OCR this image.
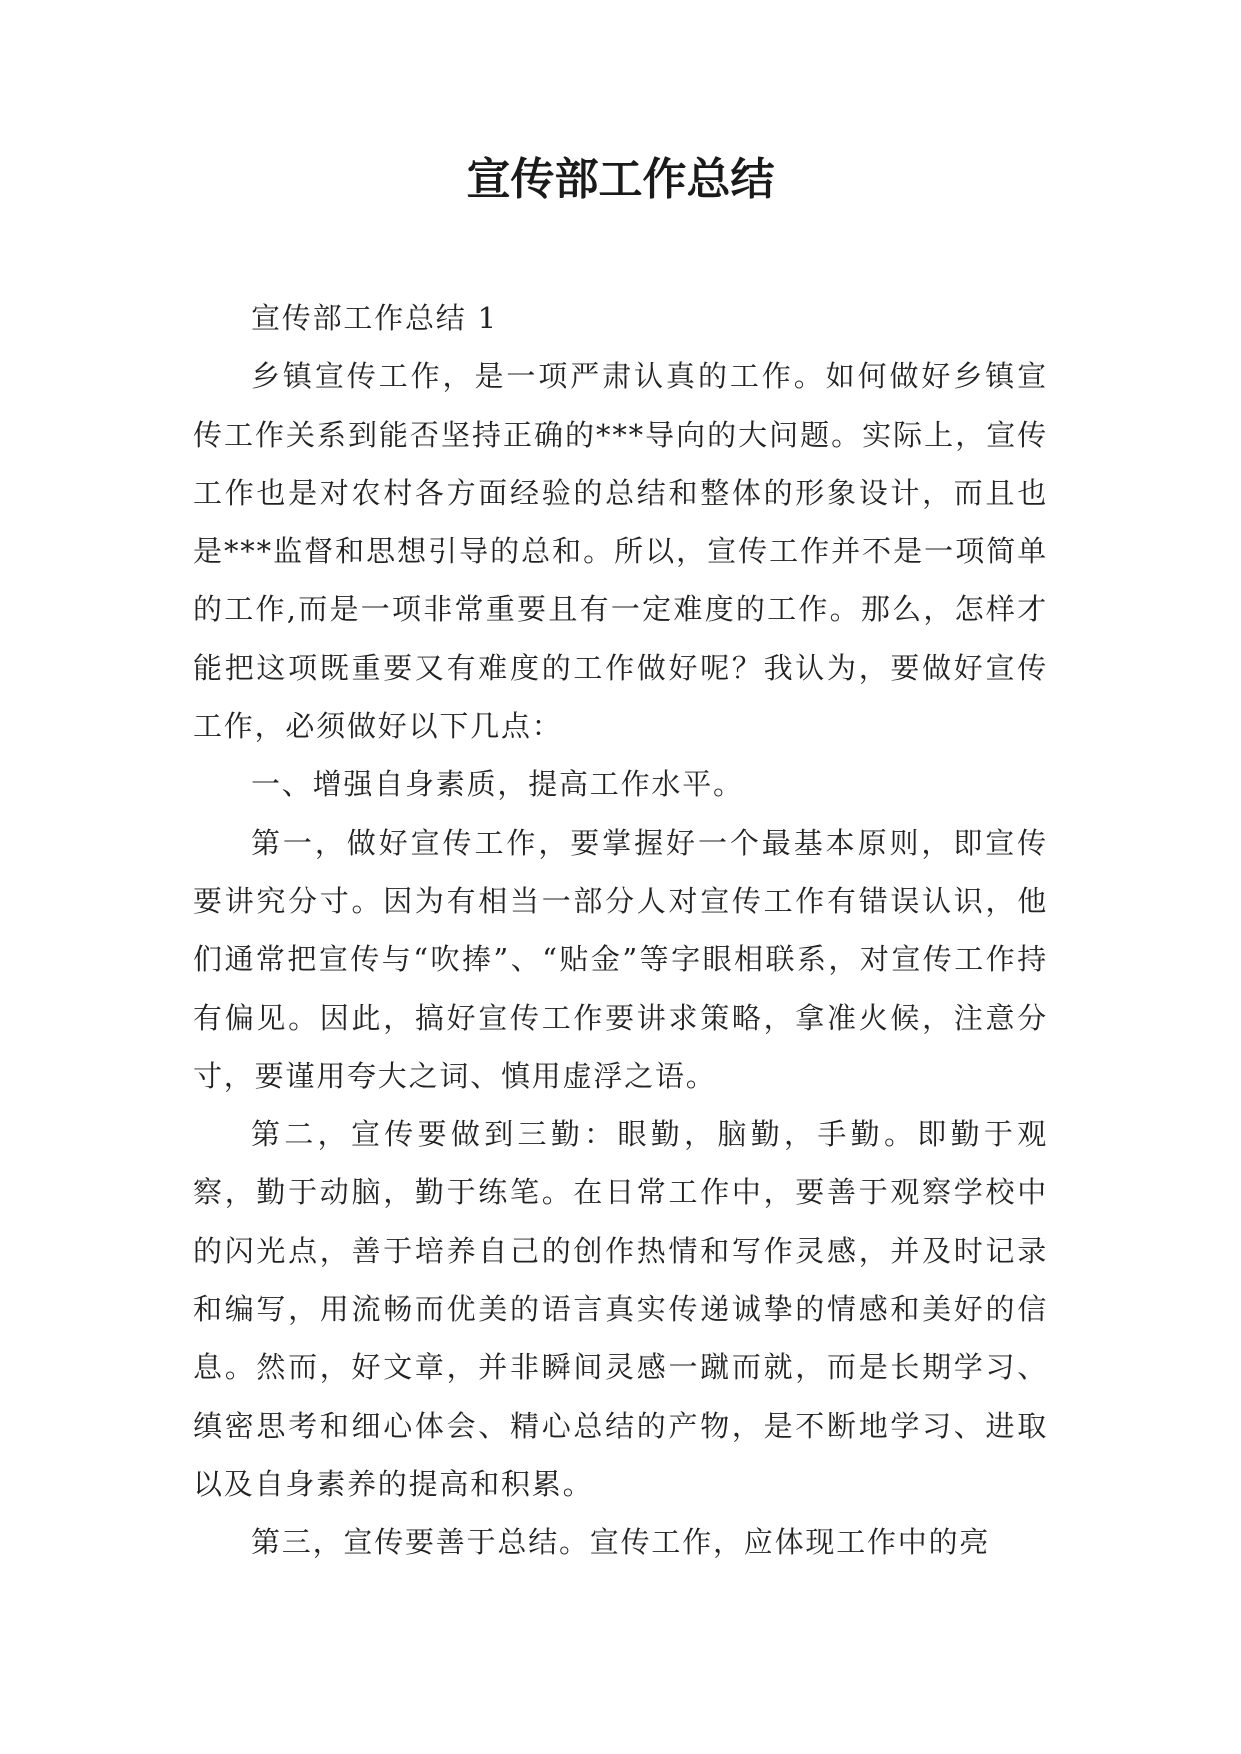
宣传部工作总结

宣传部工作总结 1

乡镇宣传工作，是一项严肃认真的工作。如何做好乡镇宣传工作关系到能否坚持正确的***导向的大问题。实际上，宣传工作也是对农村各方面经验的总结和整体的形象设计，而且也是***监督和思想引导的总和。所以，宣传工作并不是一项简单的工作,而是一项非常重要且有一定难度的工作。那么，怎样才能把这项既重要又有难度的工作做好呢？我认为，要做好宣传工作，必须做好以下几点：

一、增强自身素质，提高工作水平。

第一，做好宣传工作，要掌握好一个最基本原则，即宣传要讲究分寸。因为有相当一部分人对宣传工作有错误认识，他们通常把宣传与“吹捧”、“贴金”等字眼相联系，对宣传工作持有偏见。因此，搞好宣传工作要讲求策略，拿准火候，注意分寸，要谨用夸大之词、慎用虚浮之语。

第二，宣传要做到三勤：眼勤，脑勤，手勤。即勤于观察，勤于动脑，勤于练笔。在日常工作中，要善于观察学校中的闪光点，善于培养自己的创作热情和写作灵感，并及时记录和编写，用流畅而优美的语言真实传递诚挚的情感和美好的信息。然而，好文章，并非瞬间灵感一蹴而就，而是长期学习、缜密思考和细心体会、精心总结的产物，是不断地学习、进取以及自身素养的提高和积累。

第三，宣传要善于总结。宣传工作，应体现工作中的亮
